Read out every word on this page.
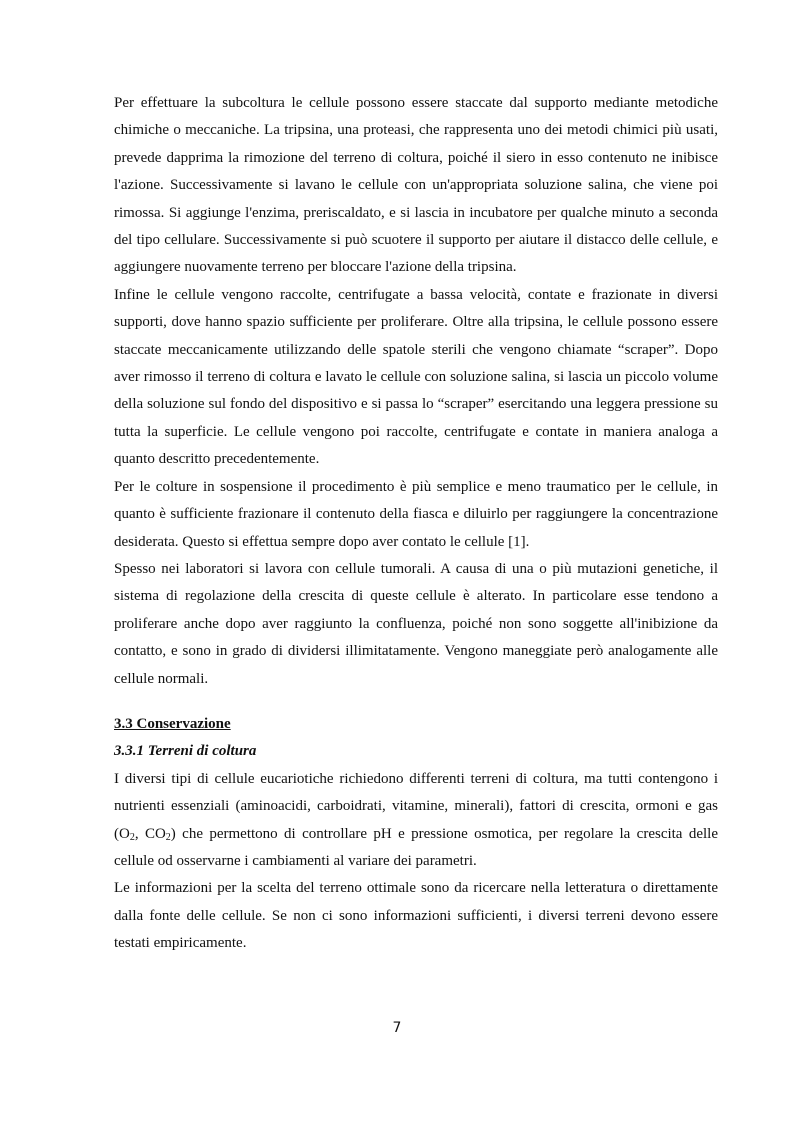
Per effettuare la subcoltura le cellule possono essere staccate dal supporto mediante metodiche chimiche o meccaniche. La tripsina, una proteasi, che rappresenta uno dei metodi chimici più usati, prevede dapprima la rimozione del terreno di coltura, poiché il siero in esso contenuto ne inibisce l'azione. Successivamente si lavano le cellule con un'appropriata soluzione salina, che viene poi rimossa. Si aggiunge l'enzima, preriscaldato, e si lascia in incubatore per qualche minuto a seconda del tipo cellulare. Successivamente si può scuotere il supporto per aiutare il distacco delle cellule, e aggiungere nuovamente terreno per bloccare l'azione della tripsina.

Infine le cellule vengono raccolte, centrifugate a bassa velocità, contate e frazionate in diversi supporti, dove hanno spazio sufficiente per proliferare. Oltre alla tripsina, le cellule possono essere staccate meccanicamente utilizzando delle spatole sterili che vengono chiamate “scraper”. Dopo aver rimosso il terreno di coltura e lavato le cellule con soluzione salina, si lascia un piccolo volume della soluzione sul fondo del dispositivo e si passa lo “scraper” esercitando una leggera pressione su tutta la superficie. Le cellule vengono poi raccolte, centrifugate e contate in maniera analoga a quanto descritto precedentemente.

Per le colture in sospensione il procedimento è più semplice e meno traumatico per le cellule, in quanto è sufficiente frazionare il contenuto della fiasca e diluirlo per raggiungere la concentrazione desiderata. Questo si effettua sempre dopo aver contato le cellule [1].

Spesso nei laboratori si lavora con cellule tumorali. A causa di una o più mutazioni genetiche, il sistema di regolazione della crescita di queste cellule è alterato. In particolare esse tendono a proliferare anche dopo aver raggiunto la confluenza, poiché non sono soggette all'inibizione da contatto, e sono in grado di dividersi illimitatamente. Vengono maneggiate però analogamente alle cellule normali.

3.3 Conservazione
3.3.1 Terreni di coltura

I diversi tipi di cellule eucariotiche richiedono differenti terreni di coltura, ma tutti contengono i nutrienti essenziali (aminoacidi, carboidrati, vitamine, minerali), fattori di crescita, ormoni e gas ($O_2$, $CO_2$) che permettono di controllare pH e pressione osmotica, per regolare la crescita delle cellule od osservarne i cambiamenti al variare dei parametri.

Le informazioni per la scelta del terreno ottimale sono da ricercare nella letteratura o direttamente dalla fonte delle cellule. Se non ci sono informazioni sufficienti, i diversi terreni devono essere testati empiricamente.

7
